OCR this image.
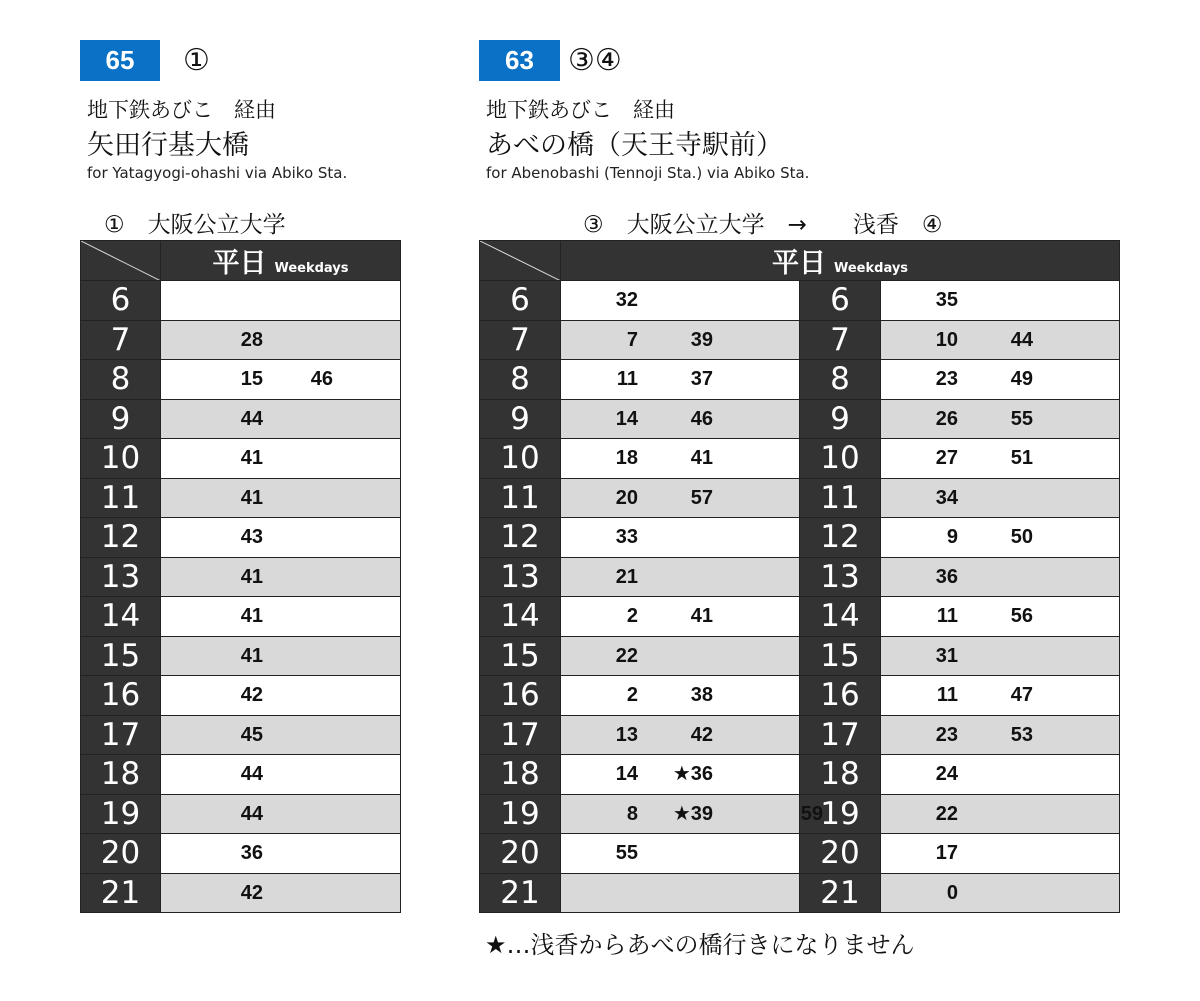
65	①
地下鉄あびこ　経由
矢田行基大橋
for Yatagyogi-ohashi via Abiko Sta.
①　大阪公立大学
63	③④
地下鉄あびこ　経由
あべの橋（天王寺駅前）
for Abenobashi (Tennoji Sta.) via Abiko Sta.
③　大阪公立大学　→　　浅香　④
	平日 Weekdays
6	
7	28

8	15 46

9	44

10	41

11	41

12	43

13	41

14	41

15	41

16	42

17	45

18	44

19	44

20	36

21	42
	平日 Weekdays		
6	32	6	35

7	7 39	7	10 44

8	11 37	8	23 49

9	14 46	9	26 55

10	18 41	10	27 51

11	20 57	11	34

12	33	12	9 50

13	21	13	36

14	2 41	14	11 56

15	22	15	31

16	2 38	16	11 47

17	13 42	17	23 53

18	14 ★36	18	24

19	8 ★39 59	19	22

20	55	20	17

21		21	0
★…浅香からあべの橋行きになりません
